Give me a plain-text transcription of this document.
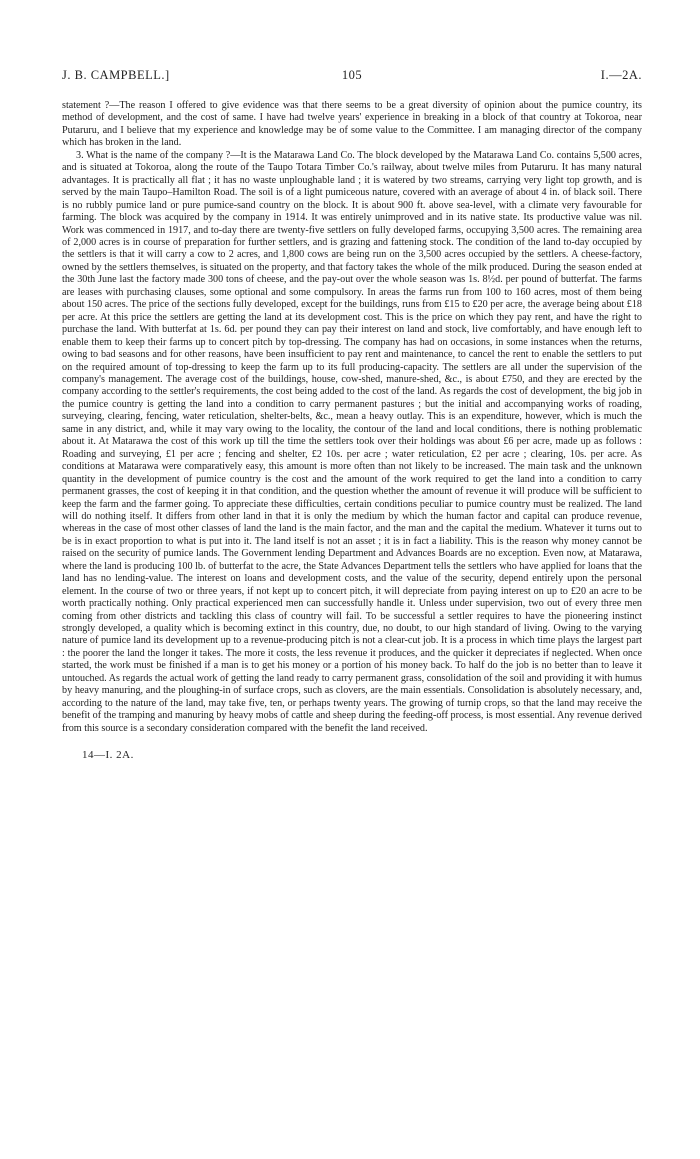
J. B. CAMPBELL.]	105	I.—2A.

statement ?—The reason I offered to give evidence was that there seems to be a great diversity of opinion about the pumice country, its method of development, and the cost of same. I have had twelve years' experience in breaking in a block of that country at Tokoroa, near Putaruru, and I believe that my experience and knowledge may be of some value to the Committee. I am managing director of the company which has broken in the land.

3. What is the name of the company ?—It is the Matarawa Land Co. The block developed by the Matarawa Land Co. contains 5,500 acres, and is situated at Tokoroa, along the route of the Taupo Totara Timber Co.'s railway, about twelve miles from Putaruru. It has many natural advantages. It is practically all flat ; it has no waste unploughable land ; it is watered by two streams, carrying very light top growth, and is served by the main Taupo–Hamilton Road. The soil is of a light pumiceous nature, covered with an average of about 4 in. of black soil. There is no rubbly pumice land or pure pumice-sand country on the block. It is about 900 ft. above sea-level, with a climate very favourable for farming. The block was acquired by the company in 1914. It was entirely unimproved and in its native state. Its productive value was nil. Work was commenced in 1917, and to-day there are twenty-five settlers on fully developed farms, occupying 3,500 acres. The remaining area of 2,000 acres is in course of preparation for further settlers, and is grazing and fattening stock. The condition of the land to-day occupied by the settlers is that it will carry a cow to 2 acres, and 1,800 cows are being run on the 3,500 acres occupied by the settlers. A cheese-factory, owned by the settlers themselves, is situated on the property, and that factory takes the whole of the milk produced. During the season ended at the 30th June last the factory made 300 tons of cheese, and the pay-out over the whole season was 1s. 8½d. per pound of butterfat. The farms are leases with purchasing clauses, some optional and some compulsory. In areas the farms run from 100 to 160 acres, most of them being about 150 acres. The price of the sections fully developed, except for the buildings, runs from £15 to £20 per acre, the average being about £18 per acre. At this price the settlers are getting the land at its development cost. This is the price on which they pay rent, and have the right to purchase the land. With butterfat at 1s. 6d. per pound they can pay their interest on land and stock, live comfortably, and have enough left to enable them to keep their farms up to concert pitch by top-dressing. The company has had on occasions, in some instances when the returns, owing to bad seasons and for other reasons, have been insufficient to pay rent and maintenance, to cancel the rent to enable the settlers to put on the required amount of top-dressing to keep the farm up to its full producing-capacity. The settlers are all under the supervision of the company's management. The average cost of the buildings, house, cow-shed, manure-shed, &c., is about £750, and they are erected by the company according to the settler's requirements, the cost being added to the cost of the land. As regards the cost of development, the big job in the pumice country is getting the land into a condition to carry permanent pastures ; but the initial and accompanying works of roading, surveying, clearing, fencing, water reticulation, shelter-belts, &c., mean a heavy outlay. This is an expenditure, however, which is much the same in any district, and, while it may vary owing to the locality, the contour of the land and local conditions, there is nothing problematic about it. At Matarawa the cost of this work up till the time the settlers took over their holdings was about £6 per acre, made up as follows : Roading and surveying, £1 per acre ; fencing and shelter, £2 10s. per acre ; water reticulation, £2 per acre ; clearing, 10s. per acre. As conditions at Matarawa were comparatively easy, this amount is more often than not likely to be increased. The main task and the unknown quantity in the development of pumice country is the cost and the amount of the work required to get the land into a condition to carry permanent grasses, the cost of keeping it in that condition, and the question whether the amount of revenue it will produce will be sufficient to keep the farm and the farmer going. To appreciate these difficulties, certain conditions peculiar to pumice country must be realized. The land will do nothing itself. It differs from other land in that it is only the medium by which the human factor and capital can produce revenue, whereas in the case of most other classes of land the land is the main factor, and the man and the capital the medium. Whatever it turns out to be is in exact proportion to what is put into it. The land itself is not an asset ; it is in fact a liability. This is the reason why money cannot be raised on the security of pumice lands. The Government lending Department and Advances Boards are no exception. Even now, at Matarawa, where the land is producing 100 lb. of butterfat to the acre, the State Advances Department tells the settlers who have applied for loans that the land has no lending-value. The interest on loans and development costs, and the value of the security, depend entirely upon the personal element. In the course of two or three years, if not kept up to concert pitch, it will depreciate from paying interest on up to £20 an acre to be worth practically nothing. Only practical experienced men can successfully handle it. Unless under supervision, two out of every three men coming from other districts and tackling this class of country will fail. To be successful a settler requires to have the pioneering instinct strongly developed, a quality which is becoming extinct in this country, due, no doubt, to our high standard of living. Owing to the varying nature of pumice land its development up to a revenue-producing pitch is not a clear-cut job. It is a process in which time plays the largest part : the poorer the land the longer it takes. The more it costs, the less revenue it produces, and the quicker it depreciates if neglected. When once started, the work must be finished if a man is to get his money or a portion of his money back. To half do the job is no better than to leave it untouched. As regards the actual work of getting the land ready to carry permanent grass, consolidation of the soil and providing it with humus by heavy manuring, and the ploughing-in of surface crops, such as clovers, are the main essentials. Consolidation is absolutely necessary, and, according to the nature of the land, may take five, ten, or perhaps twenty years. The growing of turnip crops, so that the land may receive the benefit of the tramping and manuring by heavy mobs of cattle and sheep during the feeding-off process, is most essential. Any revenue derived from this source is a secondary consideration compared with the benefit the land received.

14—I. 2A.
